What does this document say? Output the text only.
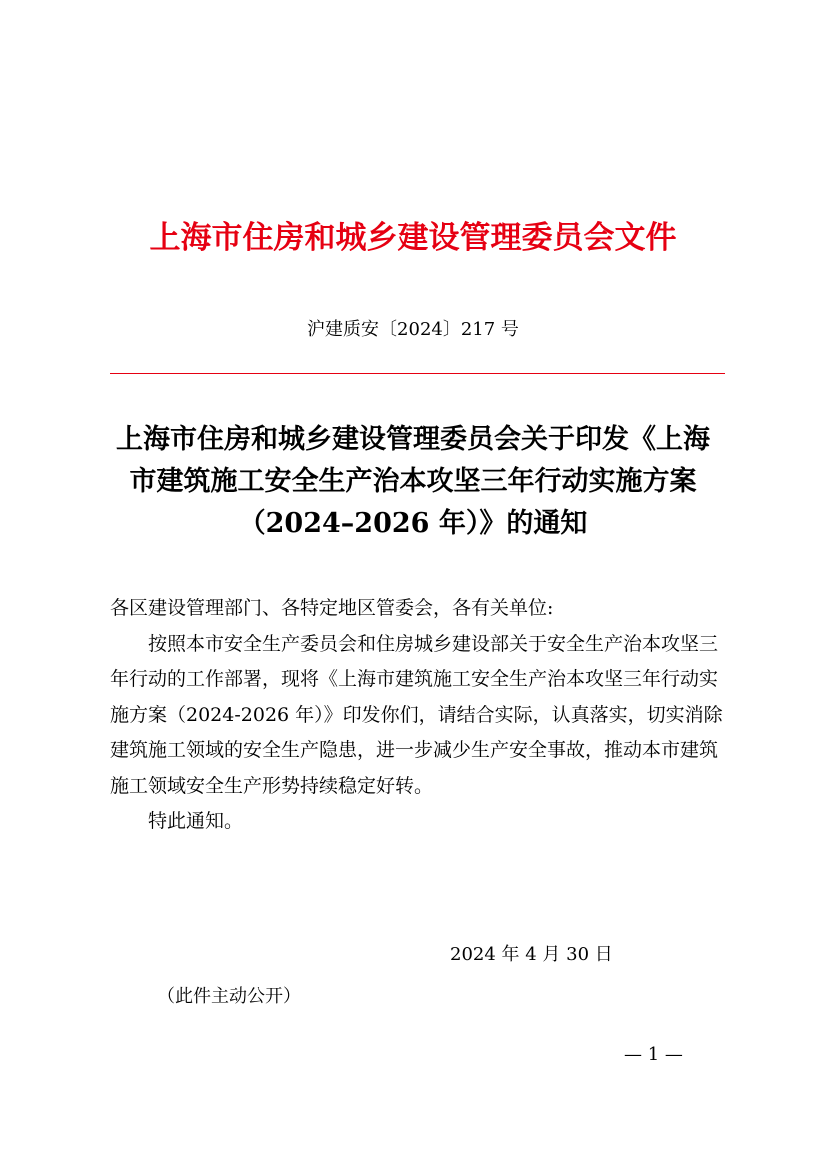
上海市住房和城乡建设管理委员会文件
沪建质安〔2024〕217 号
上海市住房和城乡建设管理委员会关于印发《上海市建筑施工安全生产治本攻坚三年行动实施方案（2024–2026 年）》的通知

各区建设管理部门、各特定地区管委会，各有关单位:

按照本市安全生产委员会和住房城乡建设部关于安全生产治本攻坚三年行动的工作部署，现将《上海市建筑施工安全生产治本攻坚三年行动实施方案（2024-2026 年）》印发你们，请结合实际，认真落实，切实消除建筑施工领域的安全生产隐患，进一步减少生产安全事故，推动本市建筑施工领域安全生产形势持续稳定好转。

特此通知。

2024 年 4 月 30 日
（此件主动公开）
— 1 —
